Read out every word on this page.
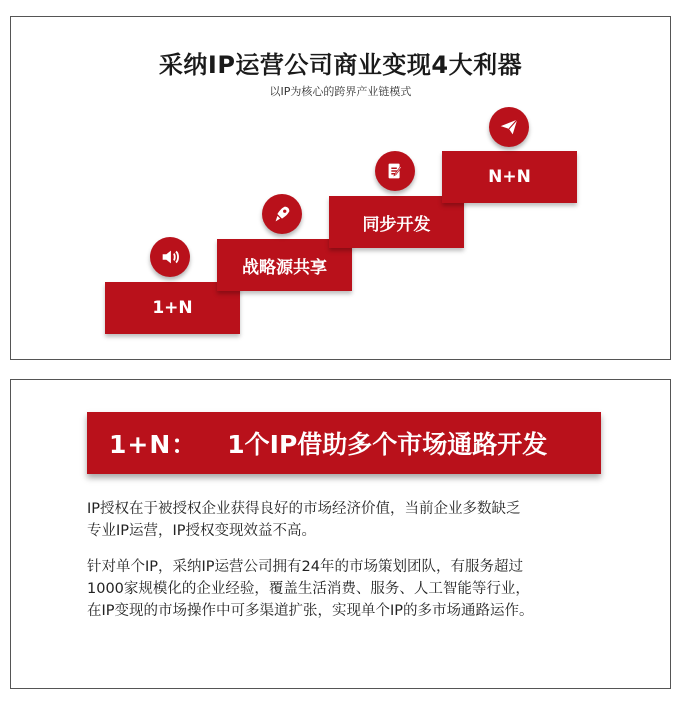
采纳IP运营公司商业变现4大利器
以IP为核心的跨界产业链模式
1+N
战略源共享
同步开发
N+N
1+N： 1个IP借助多个市场通路开发
IP授权在于被授权企业获得良好的市场经济价值，当前企业多数缺乏
专业IP运营，IP授权变现效益不高。
针对单个IP，采纳IP运营公司拥有24年的市场策划团队，有服务超过
1000家规模化的企业经验，覆盖生活消费、服务、人工智能等行业，
在IP变现的市场操作中可多渠道扩张，实现单个IP的多市场通路运作。
